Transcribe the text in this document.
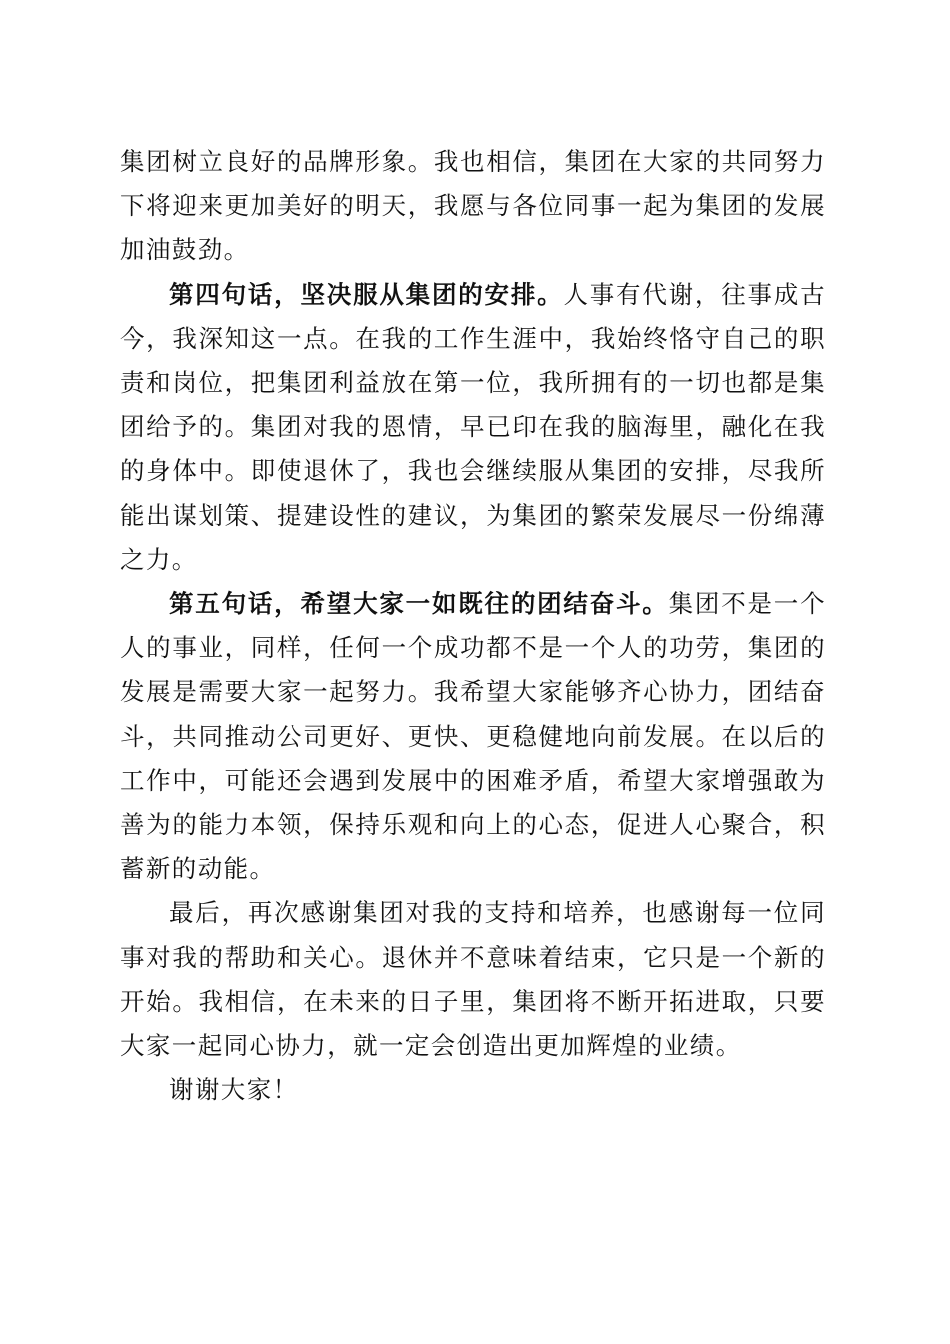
集团树立良好的品牌形象。我也相信，集团在大家的共同努力下将迎来更加美好的明天，我愿与各位同事一起为集团的发展加油鼓劲。

第四句话，坚决服从集团的安排。人事有代谢，往事成古今，我深知这一点。在我的工作生涯中，我始终恪守自己的职责和岗位，把集团利益放在第一位，我所拥有的一切也都是集团给予的。集团对我的恩情，早已印在我的脑海里，融化在我的身体中。即使退休了，我也会继续服从集团的安排，尽我所能出谋划策、提建设性的建议，为集团的繁荣发展尽一份绵薄之力。

第五句话，希望大家一如既往的团结奋斗。集团不是一个人的事业，同样，任何一个成功都不是一个人的功劳，集团的发展是需要大家一起努力。我希望大家能够齐心协力，团结奋斗，共同推动公司更好、更快、更稳健地向前发展。在以后的工作中，可能还会遇到发展中的困难矛盾，希望大家增强敢为善为的能力本领，保持乐观和向上的心态，促进人心聚合，积蓄新的动能。

最后，再次感谢集团对我的支持和培养，也感谢每一位同事对我的帮助和关心。退休并不意味着结束，它只是一个新的开始。我相信，在未来的日子里，集团将不断开拓进取，只要大家一起同心协力，就一定会创造出更加辉煌的业绩。

谢谢大家！
